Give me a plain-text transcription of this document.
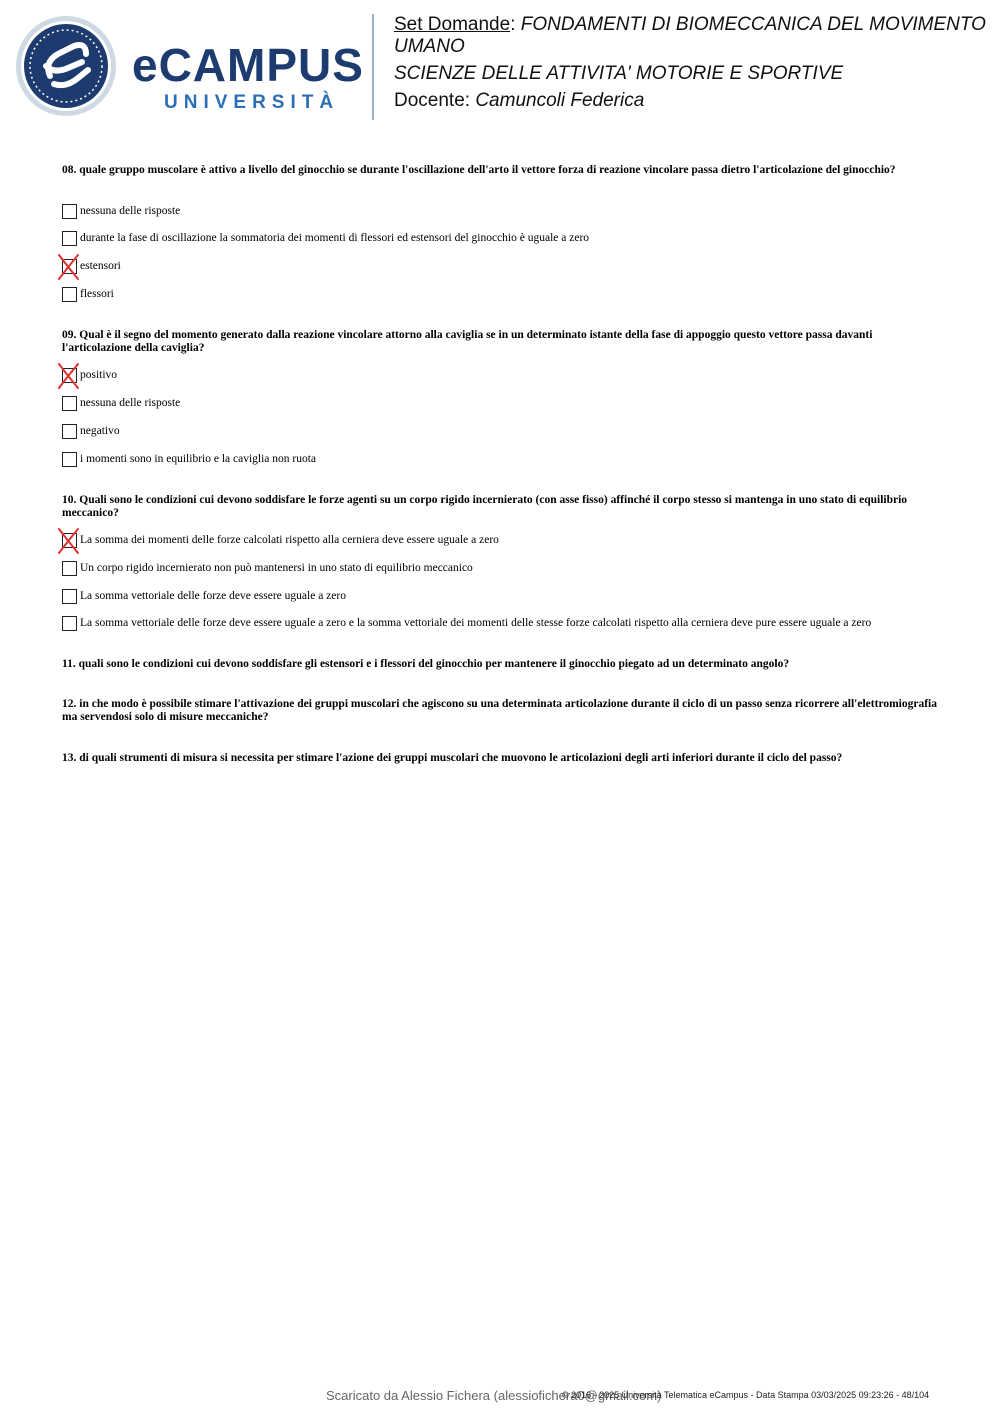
eCAMPUS
UNIVERSITÀ
Set Domande: FONDAMENTI DI BIOMECCANICA DEL MOVIMENTO UMANO
SCIENZE DELLE ATTIVITA' MOTORIE E SPORTIVE
Docente: Camuncoli Federica
08. quale gruppo muscolare è attivo a livello del ginocchio se durante l'oscillazione dell'arto il vettore forza di reazione vincolare passa dietro l'articolazione del ginocchio?
nessuna delle risposte
durante la fase di oscillazione la sommatoria dei momenti di flessori ed estensori del ginocchio è uguale a zero
estensori
flessori
09. Qual è il segno del momento generato dalla reazione vincolare attorno alla caviglia se in un determinato istante della fase di appoggio questo vettore passa davanti l'articolazione della caviglia?
positivo
nessuna delle risposte
negativo
i momenti sono in equilibrio e la caviglia non ruota
10. Quali sono le condizioni cui devono soddisfare le forze agenti su un corpo rigido incernierato (con asse fisso) affinché il corpo stesso si mantenga in uno stato di equilibrio meccanico?
La somma dei momenti delle forze calcolati rispetto alla cerniera deve essere uguale a zero
Un corpo rigido incernierato non può mantenersi in uno stato di equilibrio meccanico
La somma vettoriale delle forze deve essere uguale a zero
La somma vettoriale delle forze deve essere uguale a zero e la somma vettoriale dei momenti delle stesse forze calcolati rispetto alla cerniera deve pure essere uguale a zero
11. quali sono le condizioni cui devono soddisfare gli estensori e i flessori del ginocchio per mantenere il ginocchio piegato ad un determinato angolo?
12. in che modo è possibile stimare l'attivazione dei gruppi muscolari che agiscono su una determinata articolazione durante il ciclo di un passo senza ricorrere all'elettromiografia ma servendosi solo di misure meccaniche?
13. di quali strumenti di misura si necessita per stimare l'azione dei gruppi muscolari che muovono le articolazioni degli arti inferiori durante il ciclo del passo?
Scaricato da Alessio Fichera (alessiofichera0@gmail.com)
© 2016 - 2025 Università Telematica eCampus - Data Stampa 03/03/2025 09:23:26 - 48/104
